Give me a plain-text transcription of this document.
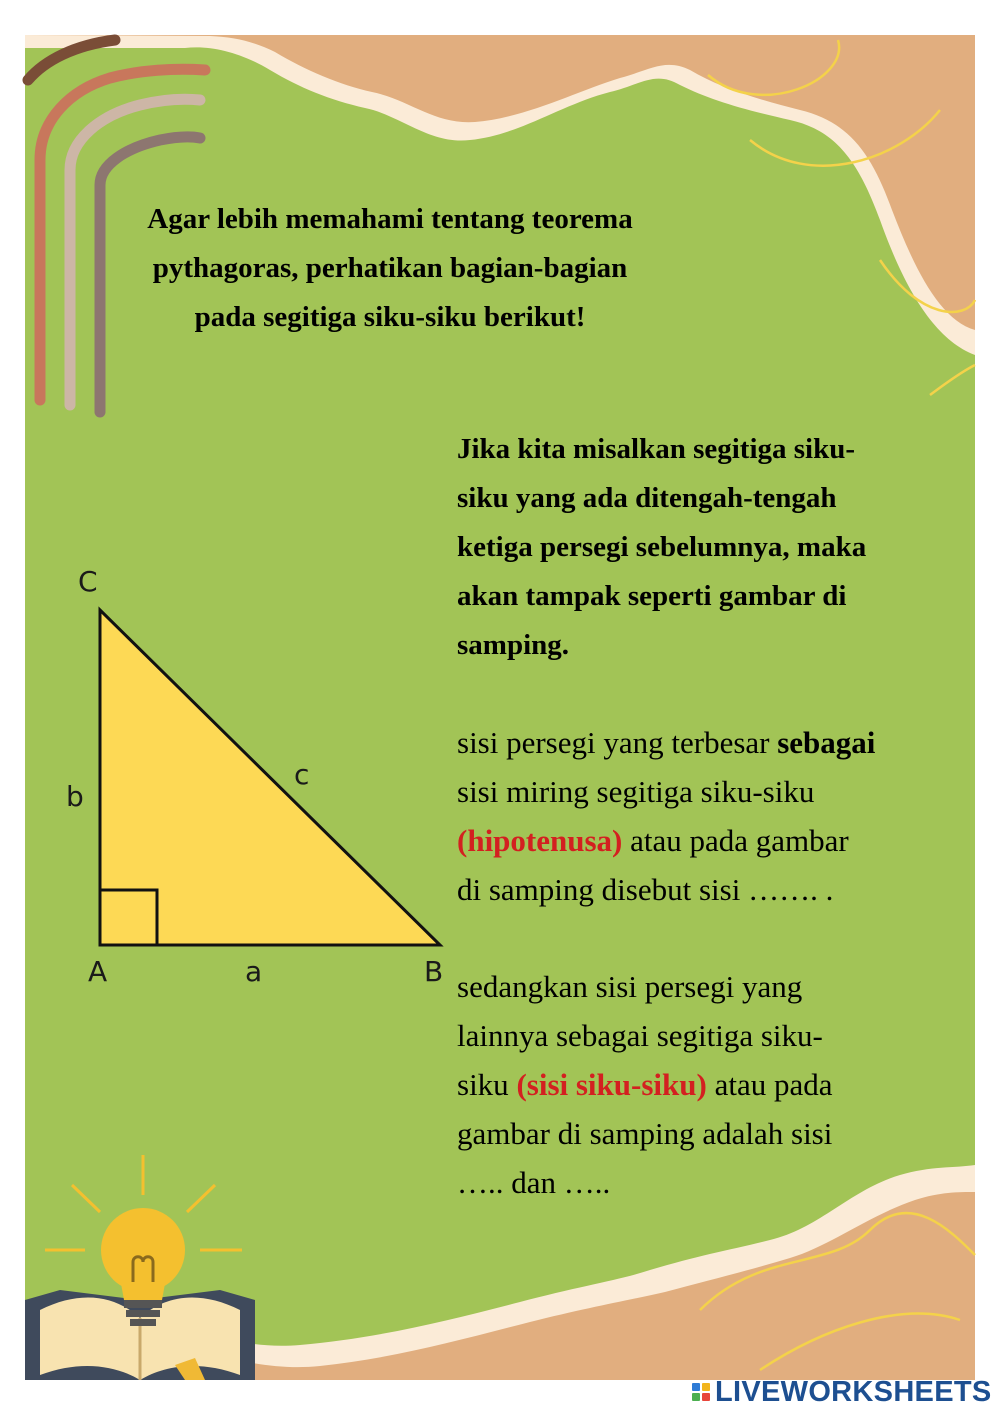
C
A	B
b
c
a
Agar lebih memahami tentang teorema
pythagoras, perhatikan bagian-bagian
pada segitiga siku-siku berikut!
Jika kita misalkan segitiga siku-
siku yang ada ditengah-tengah
ketiga persegi sebelumnya, maka
akan tampak seperti gambar di
samping.
sisi persegi yang terbesar sebagai
sisi miring segitiga siku-siku
(hipotenusa) atau pada gambar
di samping disebut sisi ……. .
sedangkan sisi persegi yang
lainnya sebagai segitiga siku-
siku (sisi siku-siku) atau pada
gambar di samping adalah sisi
….. dan …..
LIVEWORKSHEETS
